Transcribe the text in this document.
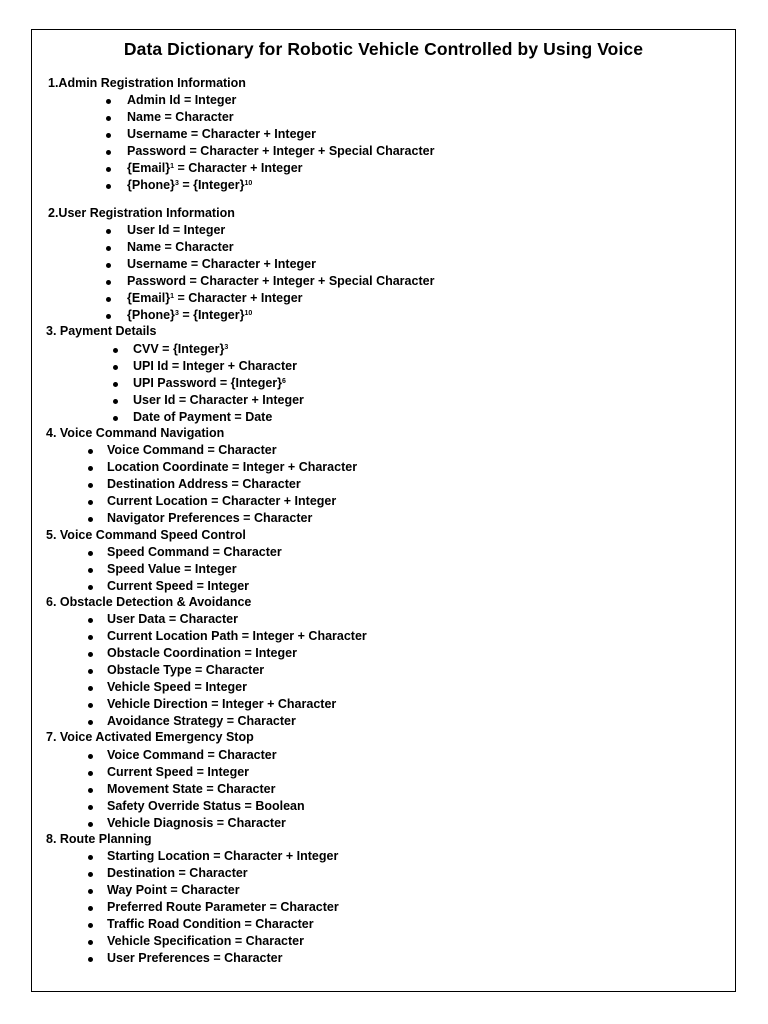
Data Dictionary for Robotic Vehicle Controlled by Using Voice
1.Admin Registration Information
Admin Id = Integer
Name = Character
Username = Character + Integer
Password = Character + Integer + Special Character
{Email}$^1$ = Character + Integer
{Phone}$^3$ = {Integer}$^{10}$
2.User Registration Information
User Id = Integer
Name = Character
Username = Character + Integer
Password = Character + Integer + Special Character
{Email}$^1$ = Character + Integer
{Phone}$^3$ = {Integer}$^{10}$
3. Payment Details
CVV = {Integer}$^3$
UPI Id = Integer + Character
UPI Password = {Integer}$^6$
User Id = Character + Integer
Date of Payment = Date
4. Voice Command Navigation
Voice Command = Character
Location Coordinate = Integer + Character
Destination Address = Character
Current Location = Character + Integer
Navigator Preferences = Character
5. Voice Command Speed Control
Speed Command = Character
Speed Value = Integer
Current Speed = Integer
6. Obstacle Detection & Avoidance
User Data = Character
Current Location Path = Integer + Character
Obstacle Coordination = Integer
Obstacle Type = Character
Vehicle Speed = Integer
Vehicle Direction = Integer + Character
Avoidance Strategy = Character
7. Voice Activated Emergency Stop
Voice Command = Character
Current Speed = Integer
Movement State = Character
Safety Override Status = Boolean
Vehicle Diagnosis = Character
8. Route Planning
Starting Location = Character + Integer
Destination = Character
Way Point = Character
Preferred Route Parameter = Character
Traffic Road Condition = Character
Vehicle Specification = Character
User Preferences = Character
